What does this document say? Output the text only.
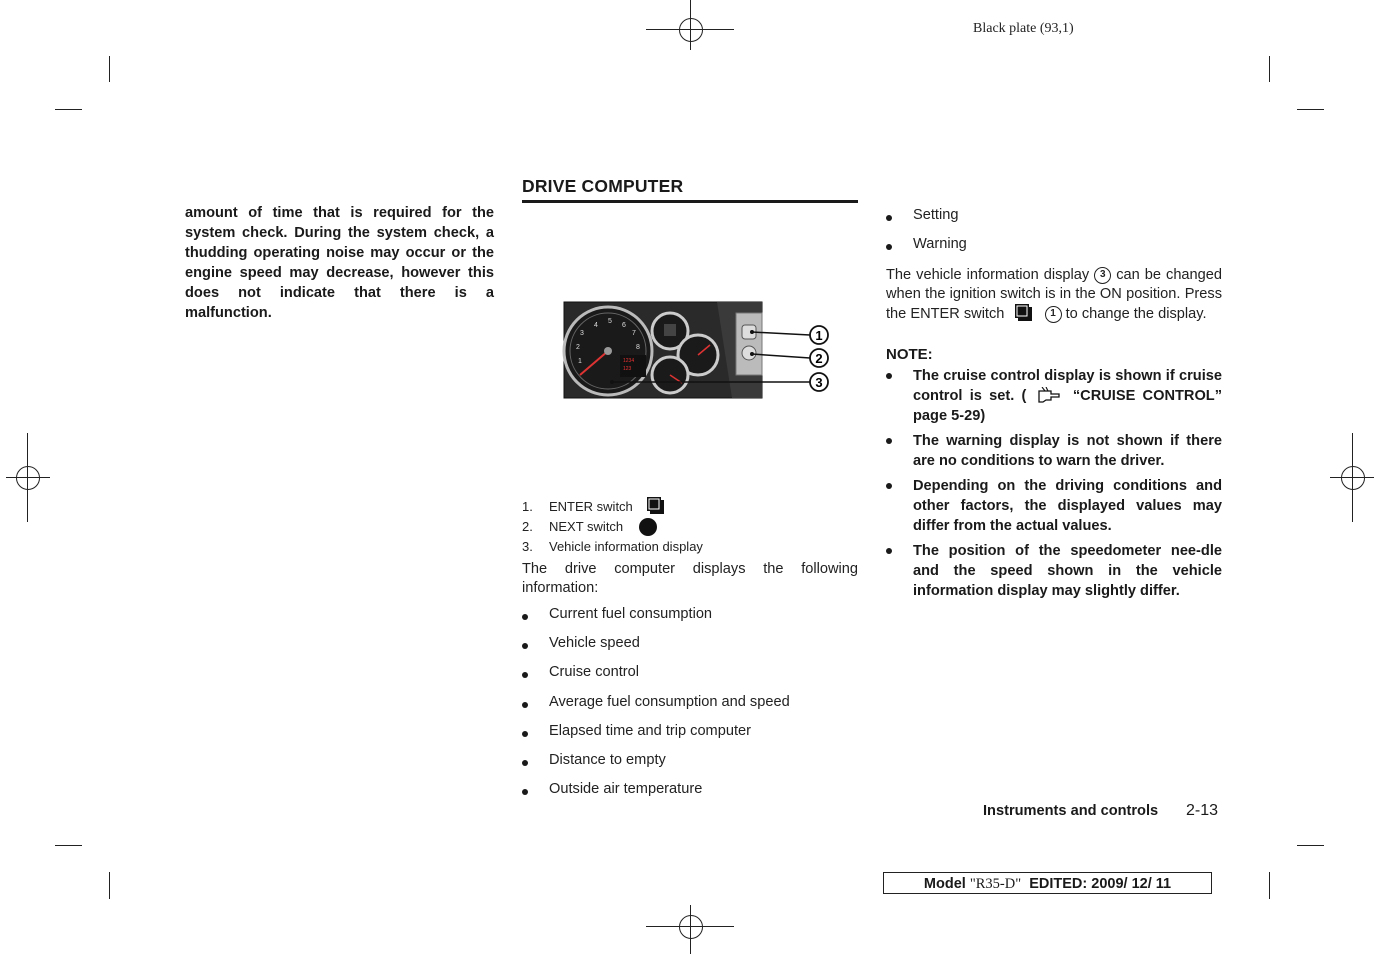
Black plate (93,1)
amount of time that is required for the system check. During the system check, a thudding operating noise may occur or the engine speed may decrease, however this does not indicate that there is a malfunction.
DRIVE COMPUTER
4
5
6
7
8
3
2
1	1234
123
1
2
3
1. ENTER switch
2. NEXT switch
3. Vehicle information display
The drive computer displays the following information:
Current fuel consumption
Vehicle speed
Cruise control
Average fuel consumption and speed
Elapsed time and trip computer
Distance to empty
Outside air temperature
Setting
Warning
The vehicle information display 3 can be changed when the ignition switch is in the ON position. Press the ENTER switch	1 to change the display.
NOTE:
The cruise control display is shown if cruise control is set. (	“CRUISE CONTROL” page 5-29)
The warning display is not shown if there are no conditions to warn the driver.
Depending on the driving conditions and other factors, the displayed values may differ from the actual values.
The position of the speedometer nee-dle and the speed shown in the vehicle information display may slightly differ.
Instruments and controls 2-13
Model "R35-D" EDITED: 2009/ 12/ 11
